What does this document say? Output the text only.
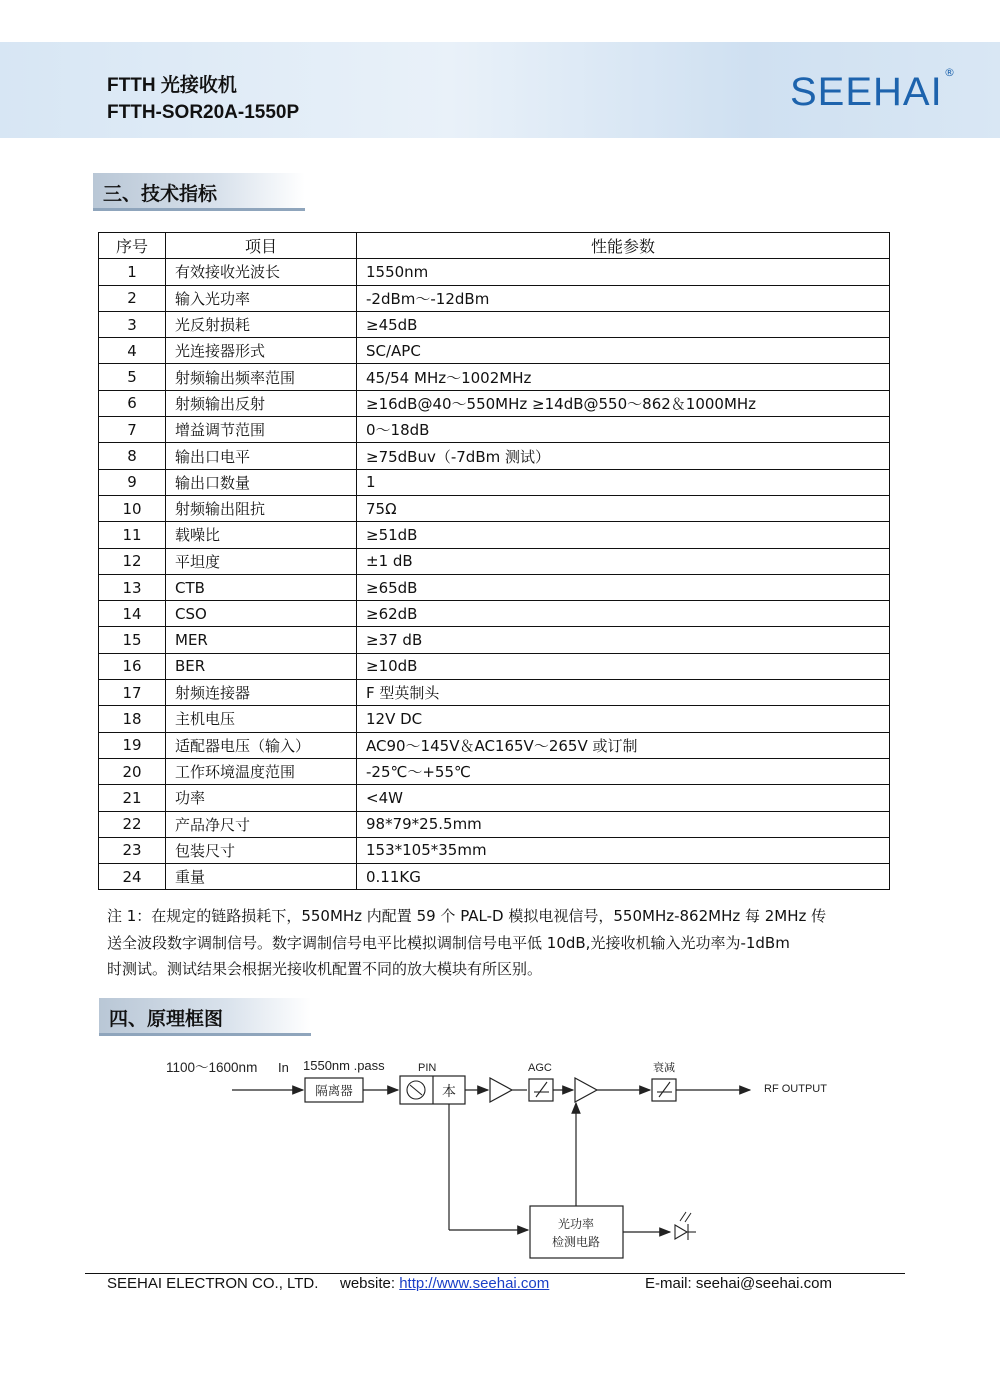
FTTH 光接收机
FTTH-SOR20A-1550P	SEEHAI ®
三、技术指标
序号	项目	性能参数
1	有效接收光波长	1550nm
2	输入光功率	-2dBm～-12dBm
3	光反射损耗	≥45dB
4	光连接器形式	SC/APC
5	射频输出频率范围	45/54 MHz～1002MHz
6	射频输出反射	≥16dB@40～550MHz ≥14dB@550～862＆1000MHz
7	增益调节范围	0～18dB
8	输出口电平	≥75dBuv（-7dBm 测试）
9	输出口数量	1
10	射频输出阻抗	75Ω
11	载噪比	≥51dB
12	平坦度	±1 dB
13	CTB	≥65dB
14	CSO	≥62dB
15	MER	≥37 dB
16	BER	≥10dB
17	射频连接器	F 型英制头
18	主机电压	12V DC
19	适配器电压（输入）	AC90～145V＆AC165V～265V 或订制
20	工作环境温度范围	-25℃～+55℃
21	功率	<4W
22	产品净尺寸	98*79*25.5mm
23	包装尺寸	153*105*35mm
24	重量	0.11KG
注 1：在规定的链路损耗下，550MHz 内配置 59 个 PAL-D 模拟电视信号，550MHz-862MHz 每 2MHz 传
送全波段数字调制信号。数字调制信号电平比模拟调制信号电平低 10dB,光接收机输入光功率为-1dBm
时测试。测试结果会根据光接收机配置不同的放大模块有所区别。
四、原理框图
1100～1600nm In 1550nm .pass
隔离器
PIN
本
AGC	衰减
RF OUTPUT
光功率
检测电路
SEEHAI ELECTRON CO., LTD. website: http://www.seehai.com	E-mail: seehai@seehai.com
